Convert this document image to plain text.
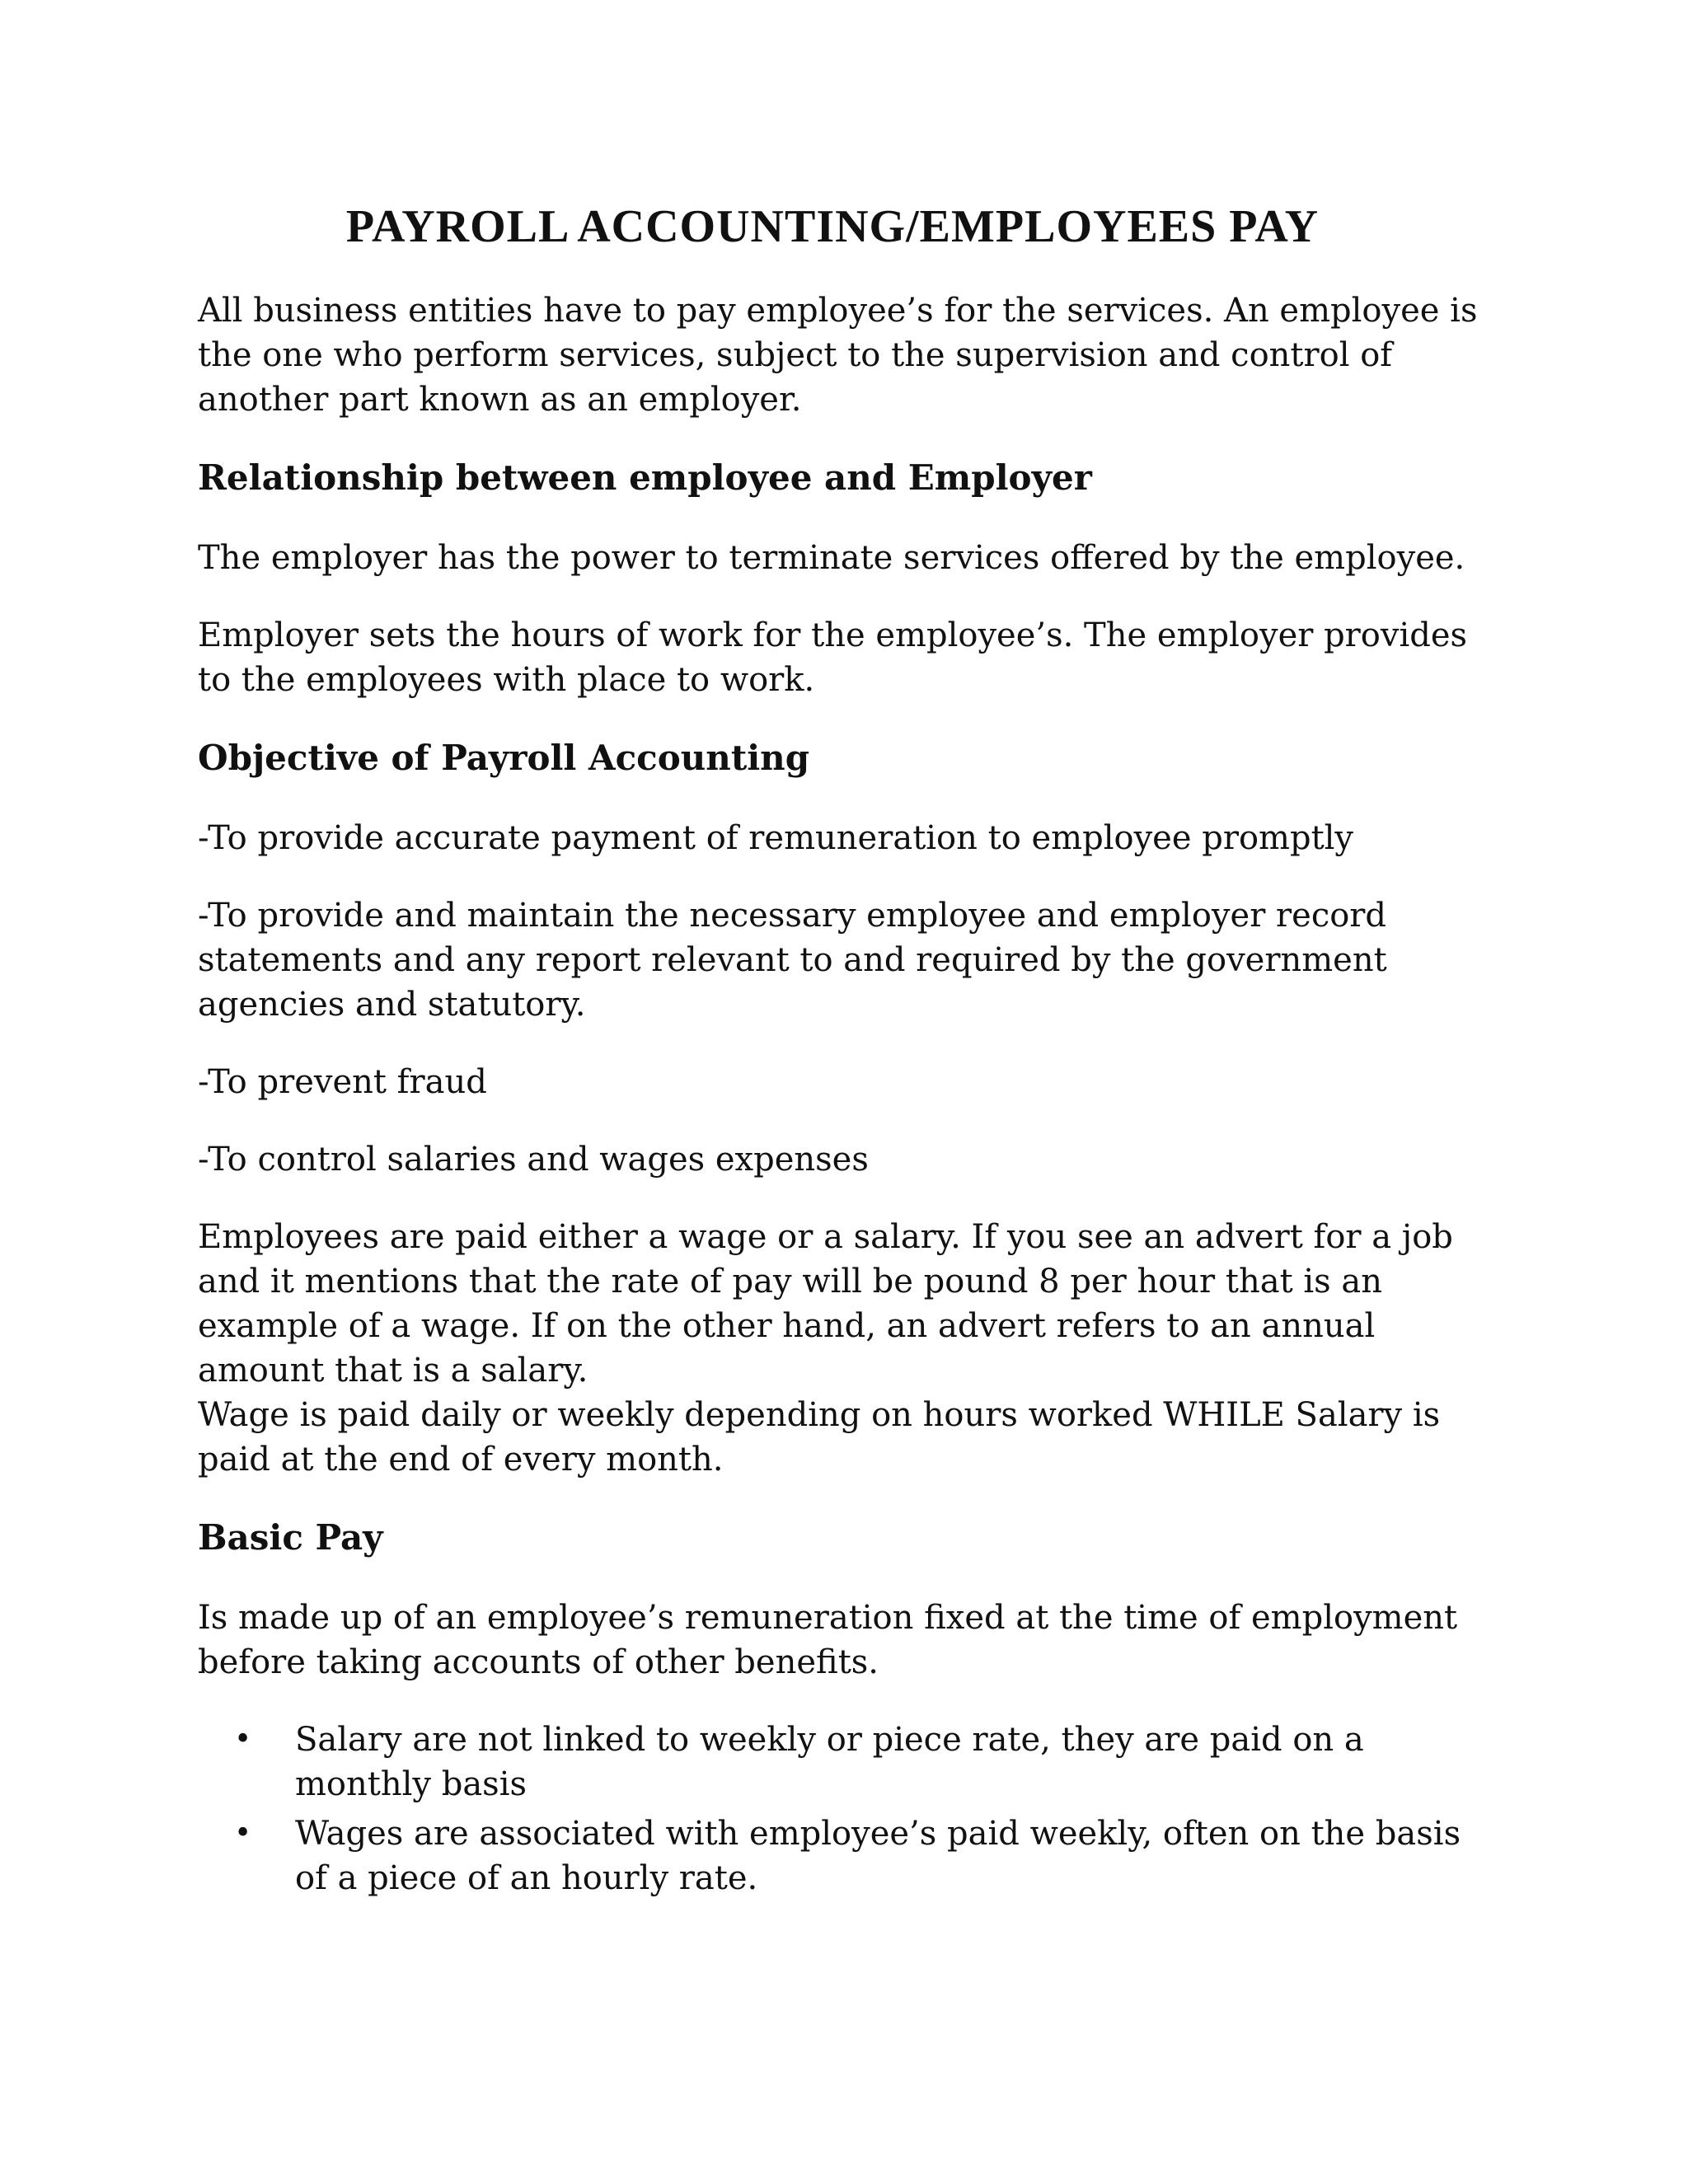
PAYROLL ACCOUNTING/EMPLOYEES PAY

All business entities have to pay employee’s for the services. An employee is the one who perform services, subject to the supervision and control of another part known as an employer.

Relationship between employee and Employer

The employer has the power to terminate services offered by the employee.

Employer sets the hours of work for the employee’s. The employer provides to the employees with place to work.

Objective of Payroll Accounting

-To provide accurate payment of remuneration to employee promptly

-To provide and maintain the necessary employee and employer record statements and any report relevant to and required by the government agencies and statutory.

-To prevent fraud

-To control salaries and wages expenses

Employees are paid either a wage or a salary. If you see an advert for a job and it mentions that the rate of pay will be pound 8 per hour that is an example of a wage. If on the other hand, an advert refers to an annual amount that is a salary.

Wage is paid daily or weekly depending on hours worked WHILE Salary is paid at the end of every month.

Basic Pay

Is made up of an employee’s remuneration fixed at the time of employment before taking accounts of other benefits.

• Salary are not linked to weekly or piece rate, they are paid on a monthly basis
• Wages are associated with employee’s paid weekly, often on the basis of a piece of an hourly rate.
